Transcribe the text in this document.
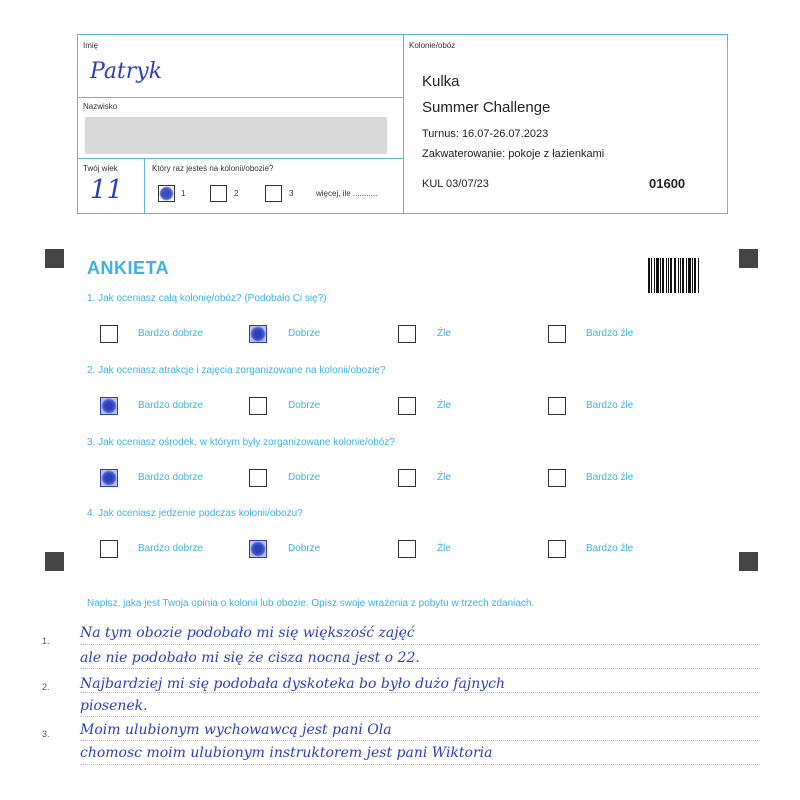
Imię
Patryk
Nazwisko
Twój wiek
11
Który raz jesteś na kolonii/obozie?
1	2	3	więcej, ile ...........
Kolonie/obóz
Kulka
Summer Challenge
Turnus: 16.07-26.07.2023
Zakwaterowanie: pokoje z łazienkami
KUL 03/07/23	01600
ANKIETA
1. Jak oceniasz całą kolonię/obóz? (Podobało Ci się?)
Bardzo dobrze	Dobrze	Źle	Bardzo źle
2. Jak oceniasz atrakcje i zajęcia zorganizowane na kolonii/obozie?
Bardzo dobrze	Dobrze	Źle	Bardzo źle
3. Jak oceniasz ośrodek, w którym były zorganizowane kolonie/obóz?
Bardzo dobrze	Dobrze	Źle	Bardzo źle
4. Jak oceniasz jedzenie podczas kolonii/obozu?
Bardzo dobrze	Dobrze	Źle	Bardzo źle
Napisz, jaka jest Twoja opinia o kolonii lub obozie. Opisz swoje wrażenia z pobytu w trzech zdaniach.
1.
2.
3.
Na tym obozie podobało mi się większość zajęć
ale nie podobało mi się że cisza nocna jest o 22.
Najbardziej mi się podobała dyskoteka bo było dużo fajnych
piosenek.
Moim ulubionym wychowawcą jest pani Ola
chomosc moim ulubionym instruktorem jest pani Wiktoria
